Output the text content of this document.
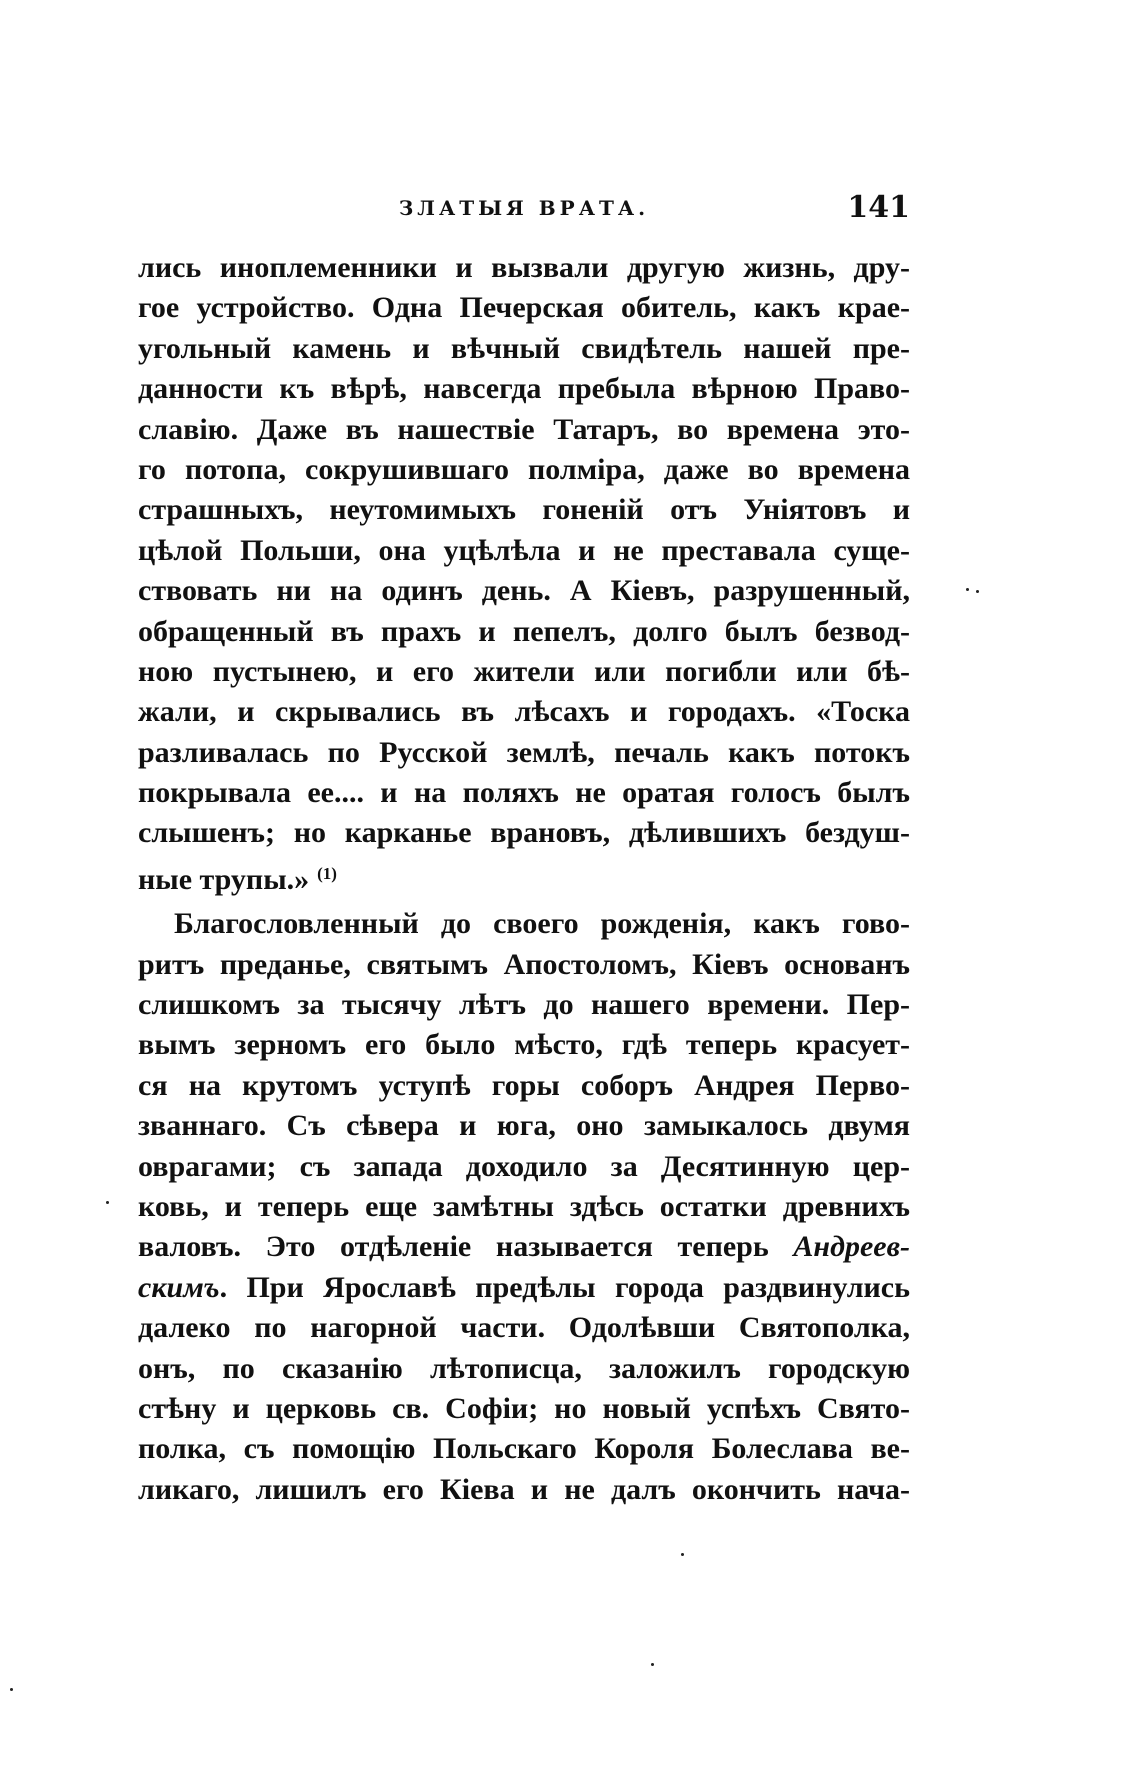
ЗЛАТЫЯ ВРАТА.	141
лись иноплеменники и вызвали другую жизнь, дру-
гое устройство. Одна Печерская обитель, какъ крае-
угольный камень и вѣчный свидѣтель нашей пре-
данности къ вѣрѣ, навсегда пребыла вѣрною Право-
славію. Даже въ нашествіе Татаръ, во времена это-
го потопа, сокрушившаго полміра, даже во времена
страшныхъ, неутомимыхъ гоненій отъ Уніятовъ и
цѣлой Польши, она уцѣлѣла и не преставала суще-
ствовать ни на одинъ день. А Кіевъ, разрушенный,
обращенный въ прахъ и пепелъ, долго былъ безвод-
ною пустынею, и его жители или погибли или бѣ-
жали, и скрывались въ лѣсахъ и городахъ. «Тоска
разливалась по Русской землѣ, печаль какъ потокъ
покрывала ее.... и на поляхъ не оратая голосъ былъ
слышенъ; но карканье врановъ, дѣлившихъ бездуш-
ные трупы.» $^{(1)}$
Благословленный до своего рожденія, какъ гово-
ритъ преданье, святымъ Апостоломъ, Кіевъ основанъ
слишкомъ за тысячу лѣтъ до нашего времени. Пер-
вымъ зерномъ его было мѣсто, гдѣ теперь красует-
ся на крутомъ уступѣ горы соборъ Андрея Перво-
званнаго. Съ сѣвера и юга, оно замыкалось двумя
оврагами; съ запада доходило за Десятинную цер-
ковь, и теперь еще замѣтны здѣсь остатки древнихъ
валовъ. Это отдѣленіе называется теперь Андреев-
скимъ. При Ярославѣ предѣлы города раздвинулись
далеко по нагорной части. Одолѣвши Святополка,
онъ, по сказанію лѣтописца, заложилъ городскую
стѣну и церковь св. Софіи; но новый успѣхъ Свято-
полка, съ помощію Польскаго Короля Болеслава ве-
ликаго, лишилъ его Кіева и не далъ окончить нача-
